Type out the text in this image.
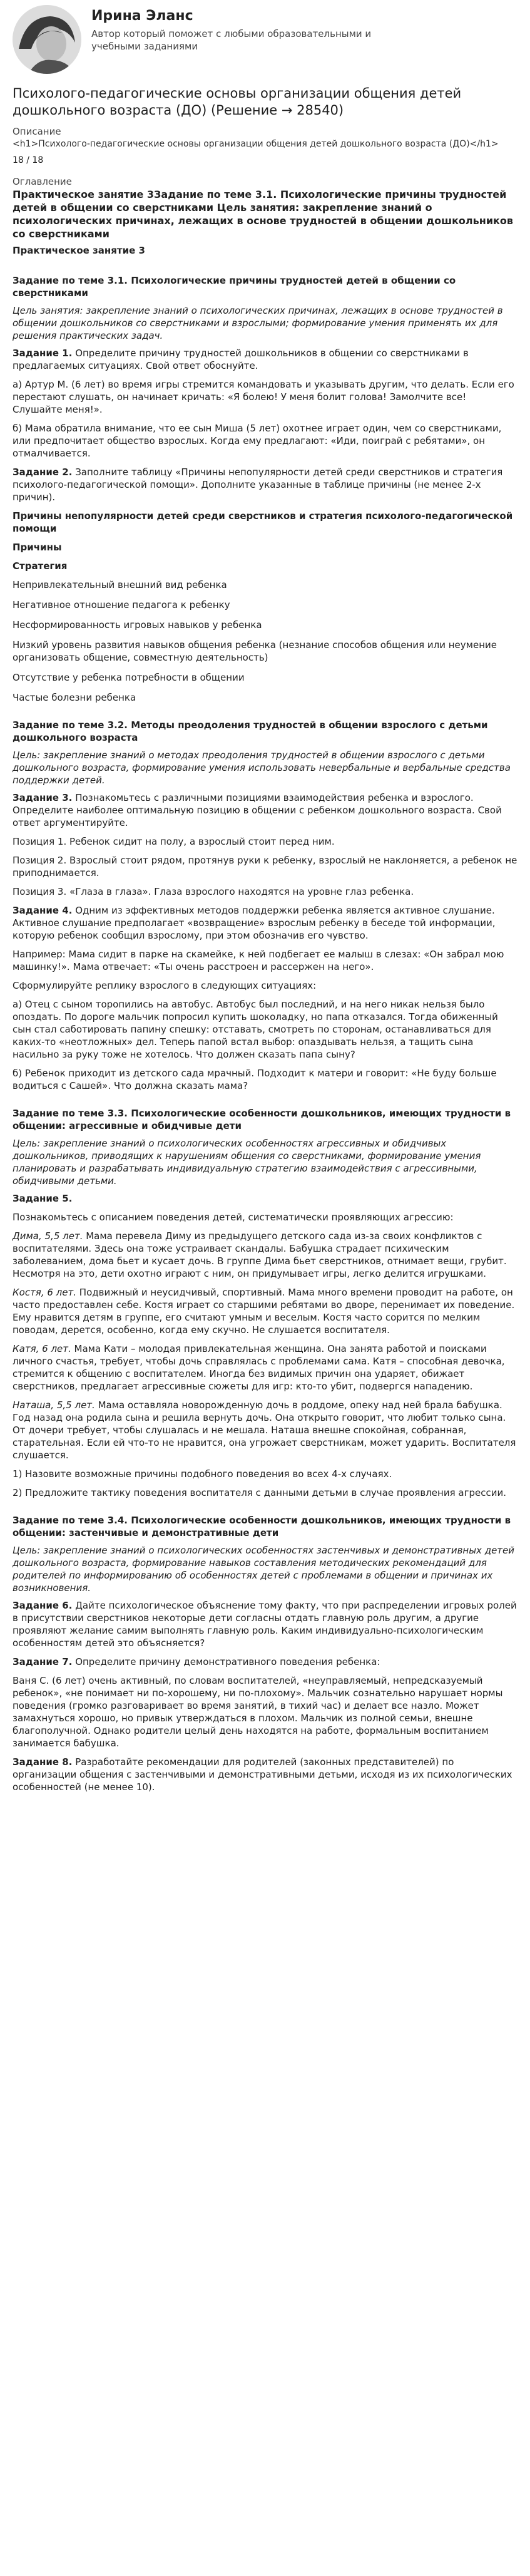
Ирина Эланс
Автор который поможет с любыми образовательными и учебными заданиями
Психолого-педагогические основы организации общения детей дошкольного возраста (ДО) (Решение → 28540)

Описание

<h1>Психолого-педагогические основы организации общения детей дошкольного возраста (ДО)</h1>

18 / 18

Оглавление

Практическое занятие 3Задание по теме 3.1. Психологические причины трудностей детей в общении со сверстниками Цель занятия: закрепление знаний о психологических причинах, лежащих в основе трудностей в общении дошкольников со сверстниками

Практическое занятие 3

Задание по теме 3.1. Психологические причины трудностей детей в общении со сверстниками

Цель занятия: закрепление знаний о психологических причинах, лежащих в основе трудностей в общении дошкольников со сверстниками и взрослыми; формирование умения применять их для решения практических задач.

Задание 1. Определите причину трудностей дошкольников в общении со сверстниками в предлагаемых ситуациях. Свой ответ обоснуйте.

а) Артур М. (6 лет) во время игры стремится командовать и указывать другим, что делать. Если его перестают слушать, он начинает кричать: «Я болею! У меня болит голова! Замолчите все! Слушайте меня!».

б) Мама обратила внимание, что ее сын Миша (5 лет) охотнее играет один, чем со сверстниками, или предпочитает общество взрослых. Когда ему предлагают: «Иди, поиграй с ребятами», он отмалчивается.

Задание 2. Заполните таблицу «Причины непопулярности детей среди сверстников и стратегия психолого-педагогической помощи». Дополните указанные в таблице причины (не менее 2-х причин).

Причины непопулярности детей среди сверстников и стратегия психолого-педагогической помощи

Причины

Стратегия

Непривлекательный внешний вид ребенка

Негативное отношение педагога к ребенку

Несформированность игровых навыков у ребенка

Низкий уровень развития навыков общения ребенка (незнание способов общения или неумение организовать общение, совместную деятельность)

Отсутствие у ребенка потребности в общении

Частые болезни ребенка

Задание по теме 3.2. Методы преодоления трудностей в общении взрослого с детьми дошкольного возраста

Цель: закрепление знаний о методах преодоления трудностей в общении взрослого с детьми дошкольного возраста, формирование умения использовать невербальные и вербальные средства поддержки детей.

Задание 3. Познакомьтесь с различными позициями взаимодействия ребенка и взрослого. Определите наиболее оптимальную позицию в общении с ребенком дошкольного возраста. Свой ответ аргументируйте.

Позиция 1. Ребенок сидит на полу, а взрослый стоит перед ним.

Позиция 2. Взрослый стоит рядом, протянув руки к ребенку, взрослый не наклоняется, а ребенок не приподнимается.

Позиция 3. «Глаза в глаза». Глаза взрослого находятся на уровне глаз ребенка.

Задание 4. Одним из эффективных методов поддержки ребенка является активное слушание. Активное слушание предполагает «возвращение» взрослым ребенку в беседе той информации, которую ребенок сообщил взрослому, при этом обозначив его чувство.

Например: Мама сидит в парке на скамейке, к ней подбегает ее малыш в слезах: «Он забрал мою машинку!». Мама отвечает: «Ты очень расстроен и рассержен на него».

Сформулируйте реплику взрослого в следующих ситуациях:

а) Отец с сыном торопились на автобус. Автобус был последний, и на него никак нельзя было опоздать. По дороге мальчик попросил купить шоколадку, но папа отказался. Тогда обиженный сын стал саботировать папину спешку: отставать, смотреть по сторонам, останавливаться для каких-то «неотложных» дел. Теперь папой встал выбор: опаздывать нельзя, а тащить сына насильно за руку тоже не хотелось. Что должен сказать папа сыну?

б) Ребенок приходит из детского сада мрачный. Подходит к матери и говорит: «Не буду больше водиться с Сашей». Что должна сказать мама?

Задание по теме 3.3. Психологические особенности дошкольников, имеющих трудности в общении: агрессивные и обидчивые дети

Цель: закрепление знаний о психологических особенностях агрессивных и обидчивых дошкольников, приводящих к нарушениям общения со сверстниками, формирование умения планировать и разрабатывать индивидуальную стратегию взаимодействия с агрессивными, обидчивыми детьми.

Задание 5.

Познакомьтесь с описанием поведения детей, систематически проявляющих агрессию:

Дима, 5,5 лет. Мама перевела Диму из предыдущего детского сада из-за своих конфликтов с воспитателями. Здесь она тоже устраивает скандалы. Бабушка страдает психическим заболеванием, дома бьет и кусает дочь. В группе Дима бьет сверстников, отнимает вещи, грубит. Несмотря на это, дети охотно играют с ним, он придумывает игры, легко делится игрушками.

Костя, 6 лет. Подвижный и неусидчивый, спортивный. Мама много времени проводит на работе, он часто предоставлен себе. Костя играет со старшими ребятами во дворе, перенимает их поведение. Ему нравится детям в группе, его считают умным и веселым. Костя часто сорится по мелким поводам, дерется, особенно, когда ему скучно. Не слушается воспитателя.

Катя, 6 лет. Мама Кати – молодая привлекательная женщина. Она занята работой и поисками личного счастья, требует, чтобы дочь справлялась с проблемами сама. Катя – способная девочка, стремится к общению с воспитателем. Иногда без видимых причин она ударяет, обижает сверстников, предлагает агрессивные сюжеты для игр: кто-то убит, подвергся нападению.

Наташа, 5,5 лет. Мама оставляла новорожденную дочь в роддоме, опеку над ней брала бабушка. Год назад она родила сына и решила вернуть дочь. Она открыто говорит, что любит только сына. От дочери требует, чтобы слушалась и не мешала. Наташа внешне спокойная, собранная, старательная. Если ей что-то не нравится, она угрожает сверстникам, может ударить. Воспитателя слушается.

1) Назовите возможные причины подобного поведения во всех 4-х случаях.

2) Предложите тактику поведения воспитателя с данными детьми в случае проявления агрессии.

Задание по теме 3.4. Психологические особенности дошкольников, имеющих трудности в общении: застенчивые и демонстративные дети

Цель: закрепление знаний о психологических особенностях застенчивых и демонстративных детей дошкольного возраста, формирование навыков составления методических рекомендаций для родителей по информированию об особенностях детей с проблемами в общении и причинах их возникновения.

Задание 6. Дайте психологическое объяснение тому факту, что при распределении игровых ролей в присутствии сверстников некоторые дети согласны отдать главную роль другим, а другие проявляют желание самим выполнять главную роль. Каким индивидуально-психологическим особенностям детей это объясняется?

Задание 7. Определите причину демонстративного поведения ребенка:

Ваня С. (6 лет) очень активный, по словам воспитателей, «неуправляемый, непредсказуемый ребенок», «не понимает ни по-хорошему, ни по-плохому». Мальчик сознательно нарушает нормы поведения (громко разговаривает во время занятий, в тихий час) и делает все назло. Может замахнуться хорошо, но привык утверждаться в плохом. Мальчик из полной семьи, внешне благополучной. Однако родители целый день находятся на работе, формальным воспитанием занимается бабушка.

Задание 8. Разработайте рекомендации для родителей (законных представителей) по организации общения с застенчивыми и демонстративными детьми, исходя из их психологических особенностей (не менее 10).
